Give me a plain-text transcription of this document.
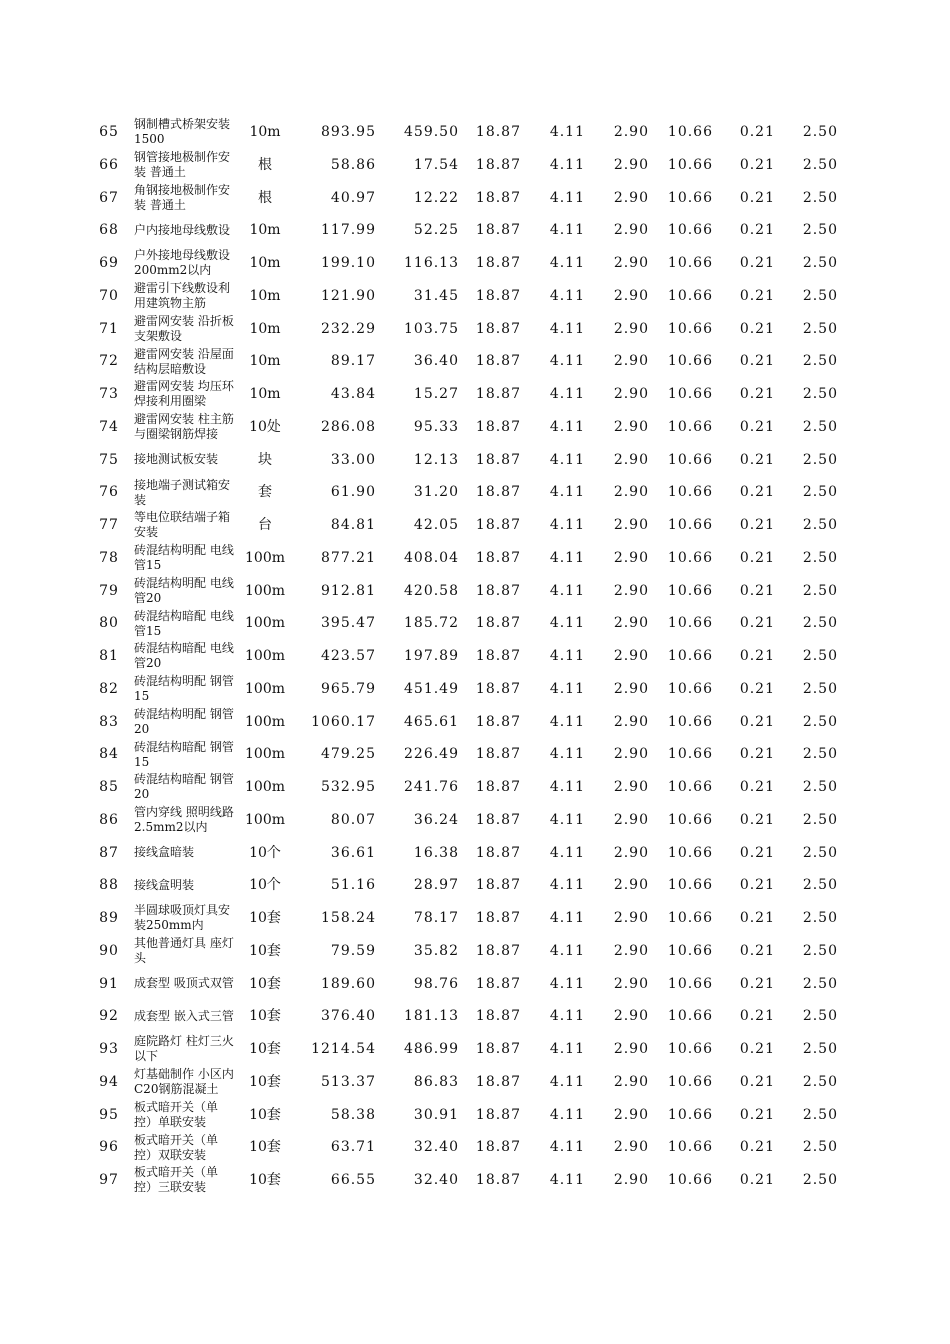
65	钢制槽式桥架安装 1500	10m	893.95	459.50	18.87	4.11	2.90	10.66	0.21	2.50
66	钢管接地极制作安装 普通土	根	58.86	17.54	18.87	4.11	2.90	10.66	0.21	2.50
67	角钢接地极制作安装 普通土	根	40.97	12.22	18.87	4.11	2.90	10.66	0.21	2.50
68	户内接地母线敷设	10m	117.99	52.25	18.87	4.11	2.90	10.66	0.21	2.50
69	户外接地母线敷设 200mm2以内	10m	199.10	116.13	18.87	4.11	2.90	10.66	0.21	2.50
70	避雷引下线敷设利用建筑物主筋	10m	121.90	31.45	18.87	4.11	2.90	10.66	0.21	2.50
71	避雷网安装 沿折板支架敷设	10m	232.29	103.75	18.87	4.11	2.90	10.66	0.21	2.50
72	避雷网安装 沿屋面结构层暗敷设	10m	89.17	36.40	18.87	4.11	2.90	10.66	0.21	2.50
73	避雷网安装 均压环焊接利用圈梁	10m	43.84	15.27	18.87	4.11	2.90	10.66	0.21	2.50
74	避雷网安装 柱主筋与圈梁钢筋焊接	10处	286.08	95.33	18.87	4.11	2.90	10.66	0.21	2.50
75	接地测试板安装	块	33.00	12.13	18.87	4.11	2.90	10.66	0.21	2.50
76	接地端子测试箱安装	套	61.90	31.20	18.87	4.11	2.90	10.66	0.21	2.50
77	等电位联结端子箱安装	台	84.81	42.05	18.87	4.11	2.90	10.66	0.21	2.50
78	砖混结构明配 电线管15	100m	877.21	408.04	18.87	4.11	2.90	10.66	0.21	2.50
79	砖混结构明配 电线管20	100m	912.81	420.58	18.87	4.11	2.90	10.66	0.21	2.50
80	砖混结构暗配 电线管15	100m	395.47	185.72	18.87	4.11	2.90	10.66	0.21	2.50
81	砖混结构暗配 电线管20	100m	423.57	197.89	18.87	4.11	2.90	10.66	0.21	2.50
82	砖混结构明配 钢管15	100m	965.79	451.49	18.87	4.11	2.90	10.66	0.21	2.50
83	砖混结构明配 钢管20	100m	1060.17	465.61	18.87	4.11	2.90	10.66	0.21	2.50
84	砖混结构暗配 钢管15	100m	479.25	226.49	18.87	4.11	2.90	10.66	0.21	2.50
85	砖混结构暗配 钢管20	100m	532.95	241.76	18.87	4.11	2.90	10.66	0.21	2.50
86	管内穿线 照明线路2.5mm2以内	100m	80.07	36.24	18.87	4.11	2.90	10.66	0.21	2.50
87	接线盒暗装	10个	36.61	16.38	18.87	4.11	2.90	10.66	0.21	2.50
88	接线盒明装	10个	51.16	28.97	18.87	4.11	2.90	10.66	0.21	2.50
89	半圆球吸顶灯具安装250mm内	10套	158.24	78.17	18.87	4.11	2.90	10.66	0.21	2.50
90	其他普通灯具 座灯头	10套	79.59	35.82	18.87	4.11	2.90	10.66	0.21	2.50
91	成套型 吸顶式双管	10套	189.60	98.76	18.87	4.11	2.90	10.66	0.21	2.50
92	成套型 嵌入式三管	10套	376.40	181.13	18.87	4.11	2.90	10.66	0.21	2.50
93	庭院路灯 柱灯三火以下	10套	1214.54	486.99	18.87	4.11	2.90	10.66	0.21	2.50
94	灯基础制作 小区内C20钢筋混凝土	10套	513.37	86.83	18.87	4.11	2.90	10.66	0.21	2.50
95	板式暗开关（单控）单联安装	10套	58.38	30.91	18.87	4.11	2.90	10.66	0.21	2.50
96	板式暗开关（单控）双联安装	10套	63.71	32.40	18.87	4.11	2.90	10.66	0.21	2.50
97	板式暗开关（单控）三联安装	10套	66.55	32.40	18.87	4.11	2.90	10.66	0.21	2.50
